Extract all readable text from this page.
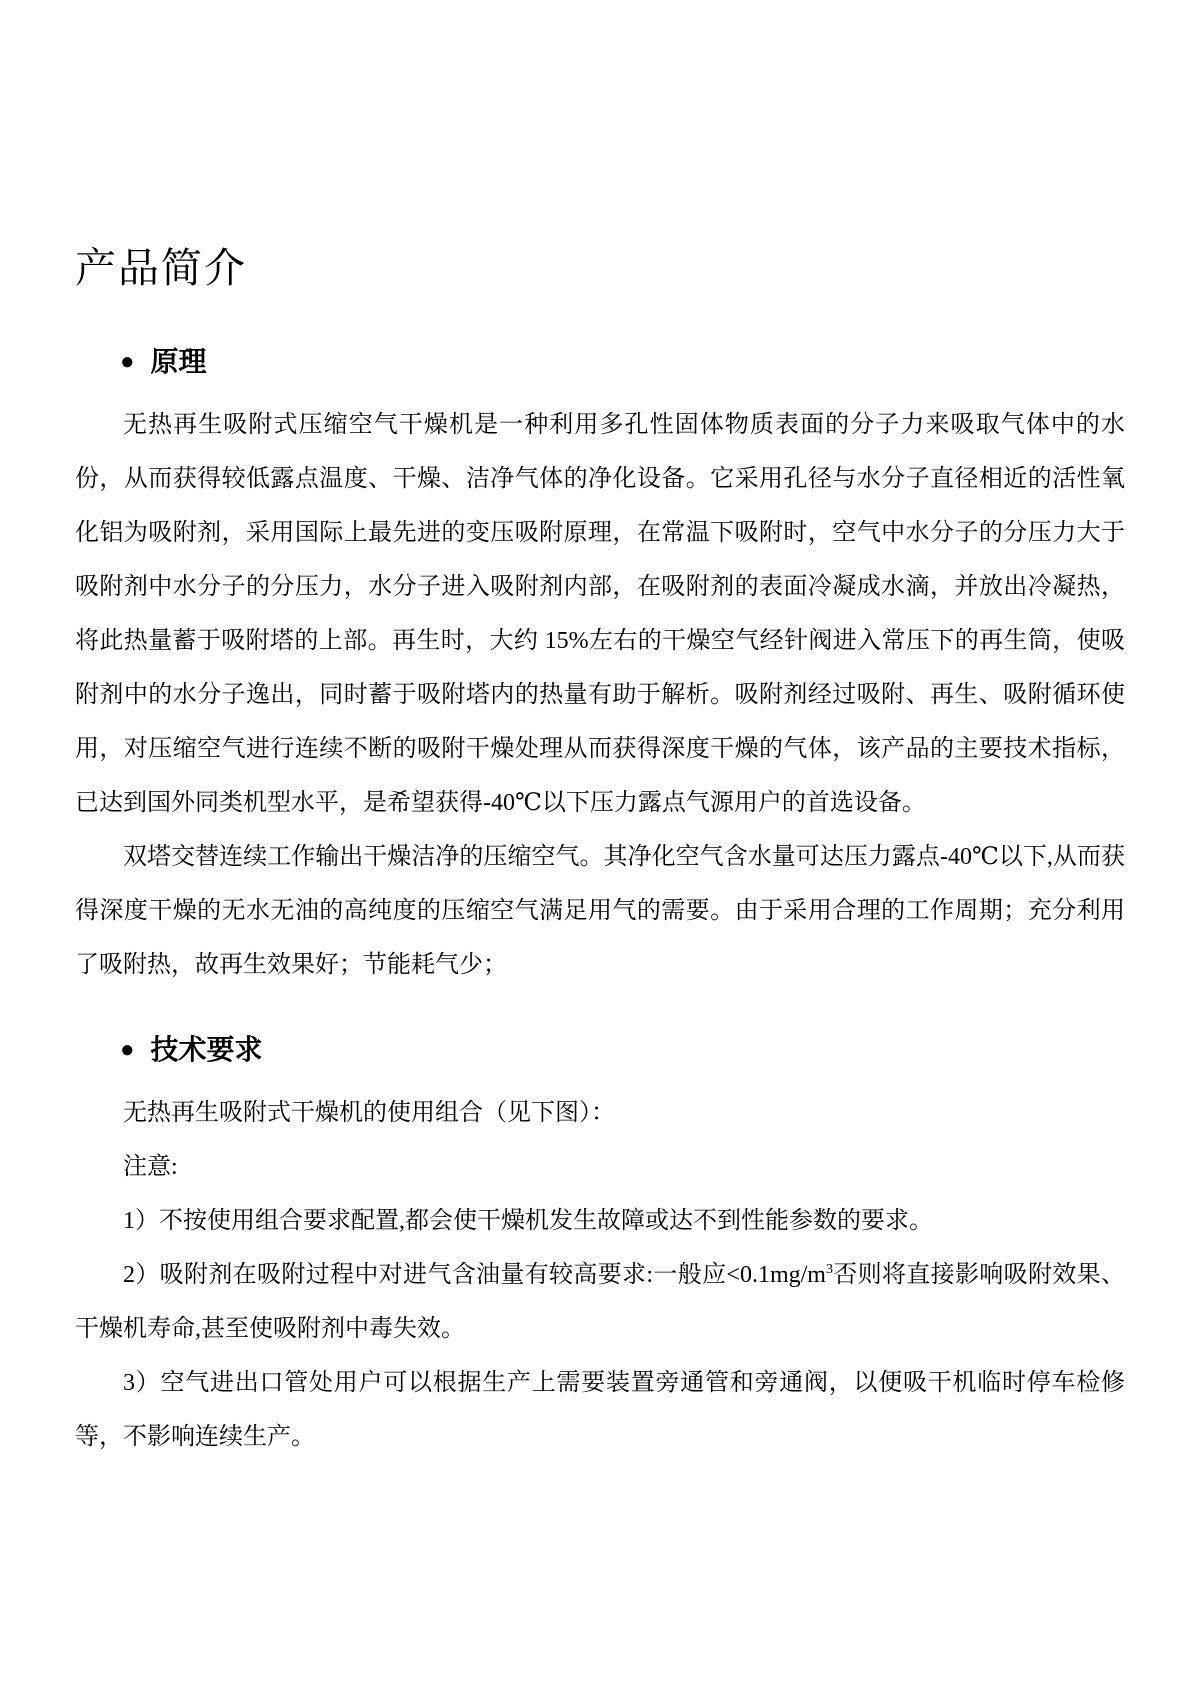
产品简介
● 原理

无热再生吸附式压缩空气干燥机是一种利用多孔性固体物质表面的分子力来吸取气体中的水份，从而获得较低露点温度、干燥、洁净气体的净化设备。它采用孔径与水分子直径相近的活性氧化铝为吸附剂，采用国际上最先进的变压吸附原理，在常温下吸附时，空气中水分子的分压力大于吸附剂中水分子的分压力，水分子进入吸附剂内部，在吸附剂的表面冷凝成水滴，并放出冷凝热，将此热量蓄于吸附塔的上部。再生时，大约 15%左右的干燥空气经针阀进入常压下的再生筒，使吸附剂中的水分子逸出，同时蓄于吸附塔内的热量有助于解析。吸附剂经过吸附、再生、吸附循环使用，对压缩空气进行连续不断的吸附干燥处理从而获得深度干燥的气体，该产品的主要技术指标，已达到国外同类机型水平，是希望获得-40℃以下压力露点气源用户的首选设备。

双塔交替连续工作输出干燥洁净的压缩空气。其净化空气含水量可达压力露点-40℃以下,从而获得深度干燥的无水无油的高纯度的压缩空气满足用气的需要。由于采用合理的工作周期；充分利用了吸附热，故再生效果好；节能耗气少；

● 技术要求

无热再生吸附式干燥机的使用组合（见下图）：

注意:

1）不按使用组合要求配置,都会使干燥机发生故障或达不到性能参数的要求。

2）吸附剂在吸附过程中对进气含油量有较高要求:一般应$<0.1mg/m^3$否则将直接影响吸附效果、干燥机寿命,甚至使吸附剂中毒失效。

3）空气进出口管处用户可以根据生产上需要装置旁通管和旁通阀，以便吸干机临时停车检修等，不影响连续生产。
